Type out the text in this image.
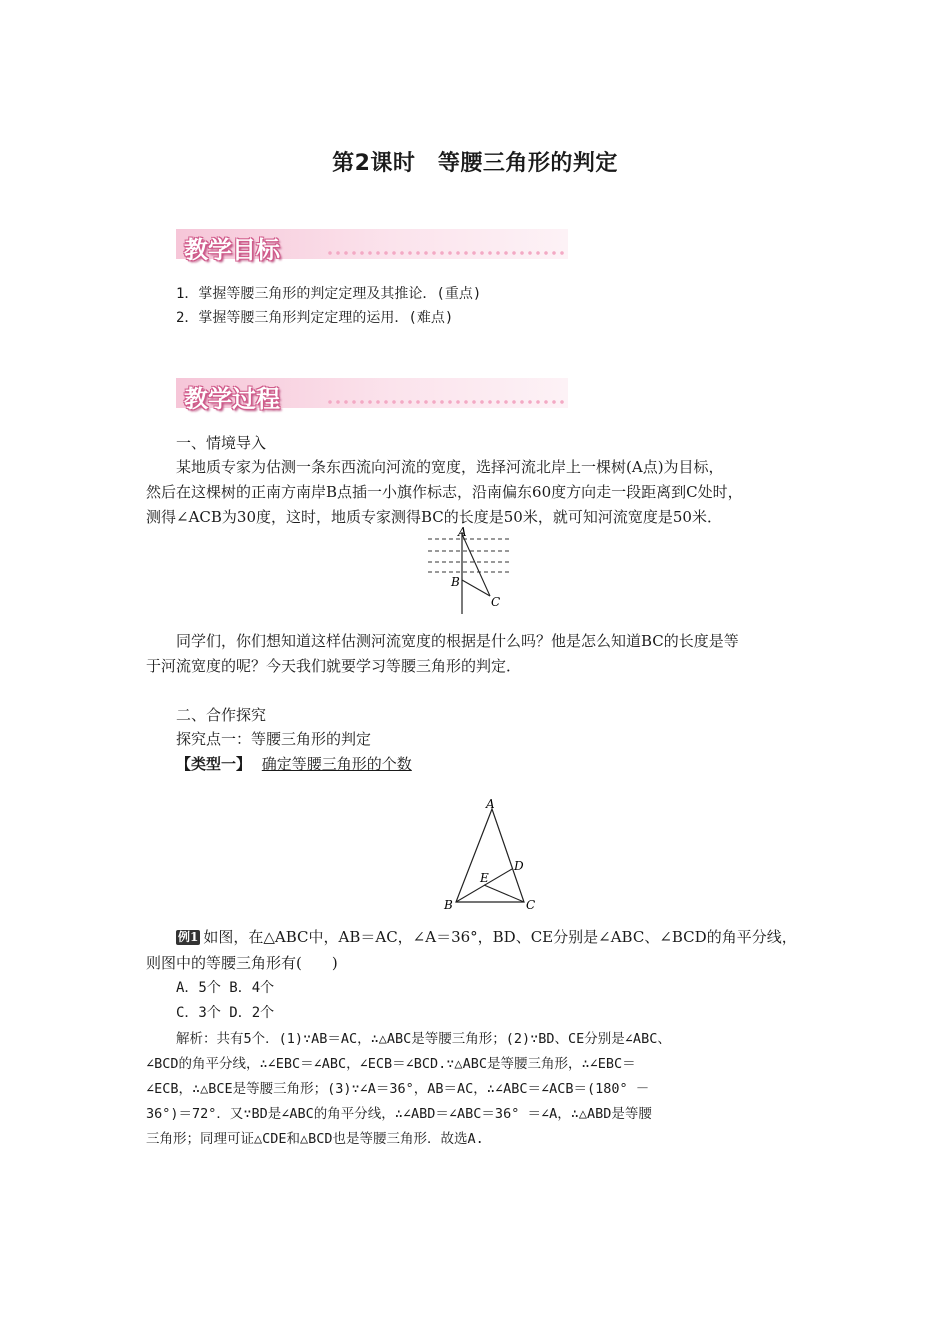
第2课时　等腰三角形的判定
教学目标
1．掌握等腰三角形的判定定理及其推论．(重点)
2．掌握等腰三角形判定定理的运用．(难点)
教学过程
一、情境导入
某地质专家为估测一条东西流向河流的宽度，选择河流北岸上一棵树(A点)为目标，
然后在这棵树的正南方南岸B点插一小旗作标志，沿南偏东60度方向走一段距离到C处时，
测得∠ACB为30度，这时，地质专家测得BC的长度是50米，就可知河流宽度是50米．
A
B
C
同学们，你们想知道这样估测河流宽度的根据是什么吗？他是怎么知道BC的长度是等
于河流宽度的呢？今天我们就要学习等腰三角形的判定．
二、合作探究
探究点一：等腰三角形的判定
【类型一】 确定等腰三角形的个数
A
B	C
D
E
例1 如图，在△ABC中，AB＝AC，∠A＝36°，BD、CE分别是∠ABC、∠BCD的角平分线，
则图中的等腰三角形有(　　)
A．5个 B．4个
C．3个 D．2个
解析：共有5个．(1)∵AB＝AC，∴△ABC是等腰三角形；(2)∵BD、CE分别是∠ABC、
∠BCD的角平分线，∴∠EBC＝∠ABC，∠ECB＝∠BCD.∵△ABC是等腰三角形，∴∠EBC＝
∠ECB，∴△BCE是等腰三角形；(3)∵∠A＝36°，AB＝AC，∴∠ABC＝∠ACB＝(180° －
36°)＝72°．又∵BD是∠ABC的角平分线，∴∠ABD＝∠ABC＝36° ＝∠A，∴△ABD是等腰
三角形；同理可证△CDE和△BCD也是等腰三角形．故选A.
